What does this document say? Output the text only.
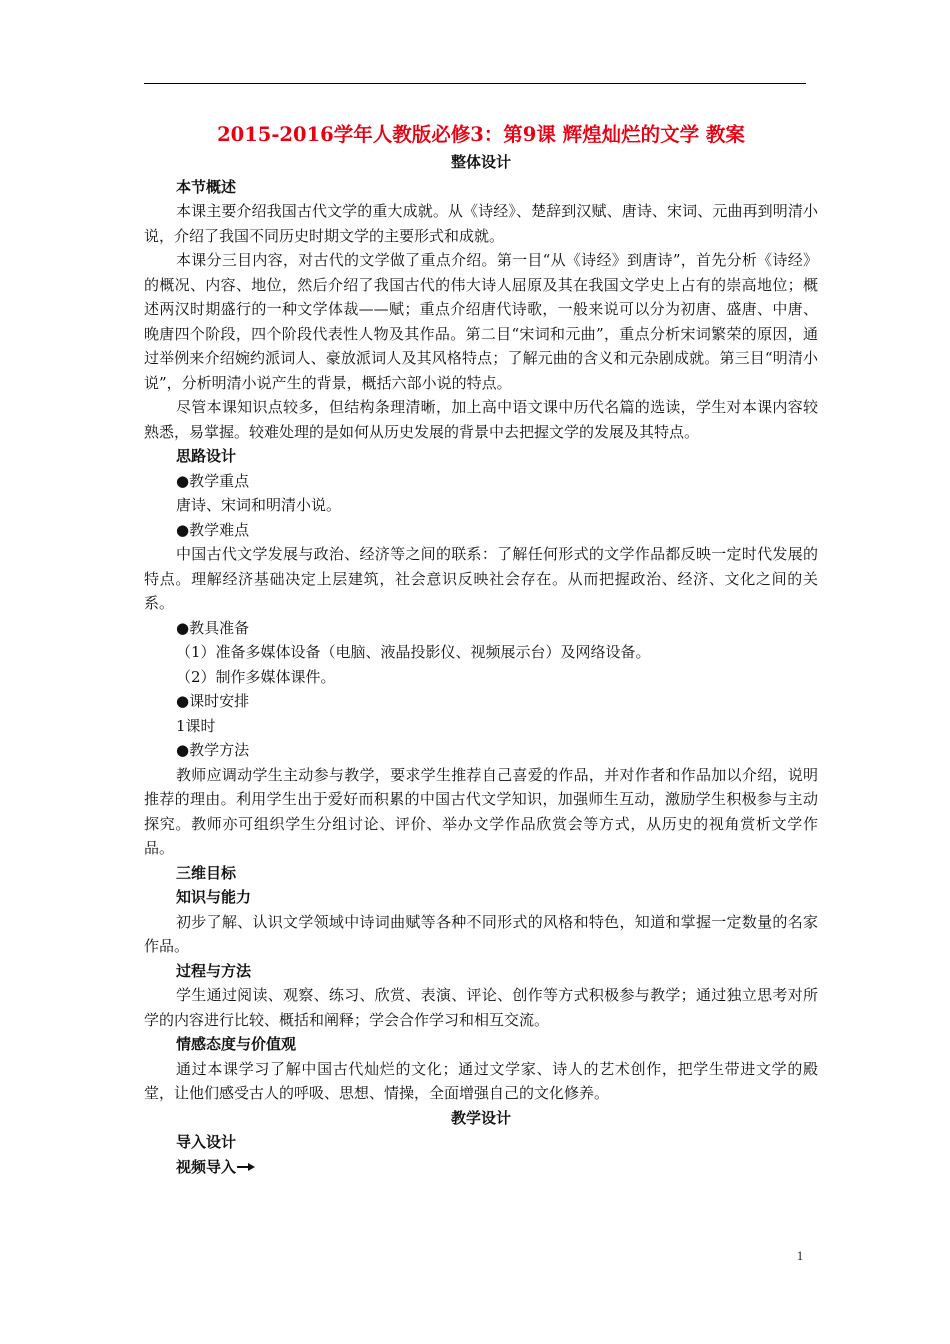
2015-2016学年人教版必修3：第9课 辉煌灿烂的文学 教案
整体设计
本节概述

本课主要介绍我国古代文学的重大成就。从《诗经》、楚辞到汉赋、唐诗、宋词、元曲再到明清小说，介绍了我国不同历史时期文学的主要形式和成就。

本课分三目内容，对古代的文学做了重点介绍。第一目“从《诗经》到唐诗”，首先分析《诗经》的概况、内容、地位，然后介绍了我国古代的伟大诗人屈原及其在我国文学史上占有的崇高地位；概述两汉时期盛行的一种文学体裁——赋；重点介绍唐代诗歌，一般来说可以分为初唐、盛唐、中唐、晚唐四个阶段，四个阶段代表性人物及其作品。第二目“宋词和元曲”，重点分析宋词繁荣的原因，通过举例来介绍婉约派词人、豪放派词人及其风格特点；了解元曲的含义和元杂剧成就。第三目“明清小说”，分析明清小说产生的背景，概括六部小说的特点。

尽管本课知识点较多，但结构条理清晰，加上高中语文课中历代名篇的选读，学生对本课内容较熟悉，易掌握。较难处理的是如何从历史发展的背景中去把握文学的发展及其特点。

思路设计
●教学重点
唐诗、宋词和明清小说。
●教学难点

中国古代文学发展与政治、经济等之间的联系：了解任何形式的文学作品都反映一定时代发展的特点。理解经济基础决定上层建筑，社会意识反映社会存在。从而把握政治、经济、文化之间的关系。

●教具准备
（1）准备多媒体设备（电脑、液晶投影仪、视频展示台）及网络设备。
（2）制作多媒体课件。
●课时安排
1课时
●教学方法

教师应调动学生主动参与教学，要求学生推荐自己喜爱的作品，并对作者和作品加以介绍，说明推荐的理由。利用学生出于爱好而积累的中国古代文学知识，加强师生互动，激励学生积极参与主动探究。教师亦可组织学生分组讨论、评价、举办文学作品欣赏会等方式，从历史的视角赏析文学作品。

三维目标
知识与能力

初步了解、认识文学领域中诗词曲赋等各种不同形式的风格和特色，知道和掌握一定数量的名家作品。

过程与方法

学生通过阅读、观察、练习、欣赏、表演、评论、创作等方式积极参与教学；通过独立思考对所学的内容进行比较、概括和阐释；学会合作学习和相互交流。

情感态度与价值观

通过本课学习了解中国古代灿烂的文化；通过文学家、诗人的艺术创作，把学生带进文学的殿堂，让他们感受古人的呼吸、思想、情操，全面增强自己的文化修养。

教学设计
导入设计
视频导入
1
